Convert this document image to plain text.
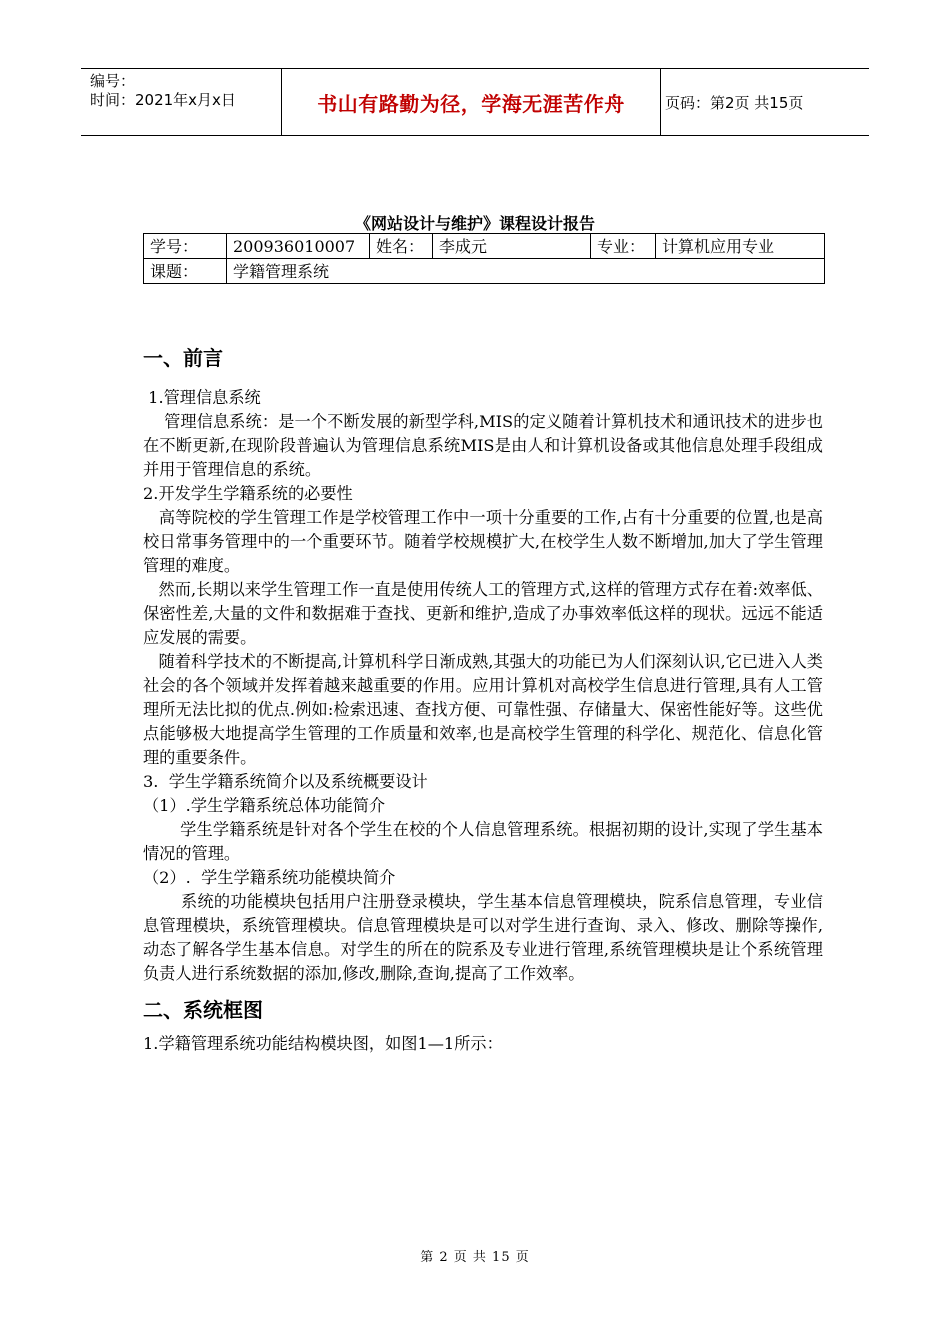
编号：
时间：2021年x月x日	书山有路勤为径，学海无涯苦作舟	页码：第2页 共15页
《网站设计与维护》课程设计报告
学号：	200936010007	姓名：	李成元	专业：	计算机应用专业
课题：	学籍管理系统				

一、前言

1.管理信息系统

管理信息系统：是一个不断发展的新型学科,MIS的定义随着计算机技术和通讯技术的进步也在不断更新,在现阶段普遍认为管理信息系统MIS是由人和计算机设备或其他信息处理手段组成并用于管理信息的系统。

2.开发学生学籍系统的必要性

高等院校的学生管理工作是学校管理工作中一项十分重要的工作,占有十分重要的位置,也是高校日常事务管理中的一个重要环节。随着学校规模扩大,在校学生人数不断增加,加大了学生管理管理的难度。

然而,长期以来学生管理工作一直是使用传统人工的管理方式,这样的管理方式存在着:效率低、保密性差,大量的文件和数据难于查找、更新和维护,造成了办事效率低这样的现状。远远不能适应发展的需要。

随着科学技术的不断提高,计算机科学日渐成熟,其强大的功能已为人们深刻认识,它已进入人类社会的各个领域并发挥着越来越重要的作用。应用计算机对高校学生信息进行管理,具有人工管理所无法比拟的优点.例如:检索迅速、查找方便、可靠性强、存储量大、保密性能好等。这些优点能够极大地提高学生管理的工作质量和效率,也是高校学生管理的科学化、规范化、信息化管理的重要条件。

3.  学生学籍系统简介以及系统概要设计

（1）.学生学籍系统总体功能简介

学生学籍系统是针对各个学生在校的个人信息管理系统。根据初期的设计,实现了学生基本情况的管理。

（2）.  学生学籍系统功能模块简介

系统的功能模块包括用户注册登录模块，学生基本信息管理模块，院系信息管理，专业信息管理模块，系统管理模块。信息管理模块是可以对学生进行查询、录入、修改、删除等操作,动态了解各学生基本信息。对学生的所在的院系及专业进行管理,系统管理模块是让个系统管理负责人进行系统数据的添加,修改,删除,查询,提高了工作效率。

二、系统框图

1.学籍管理系统功能结构模块图，如图1—1所示：

第 2 页 共 15 页
